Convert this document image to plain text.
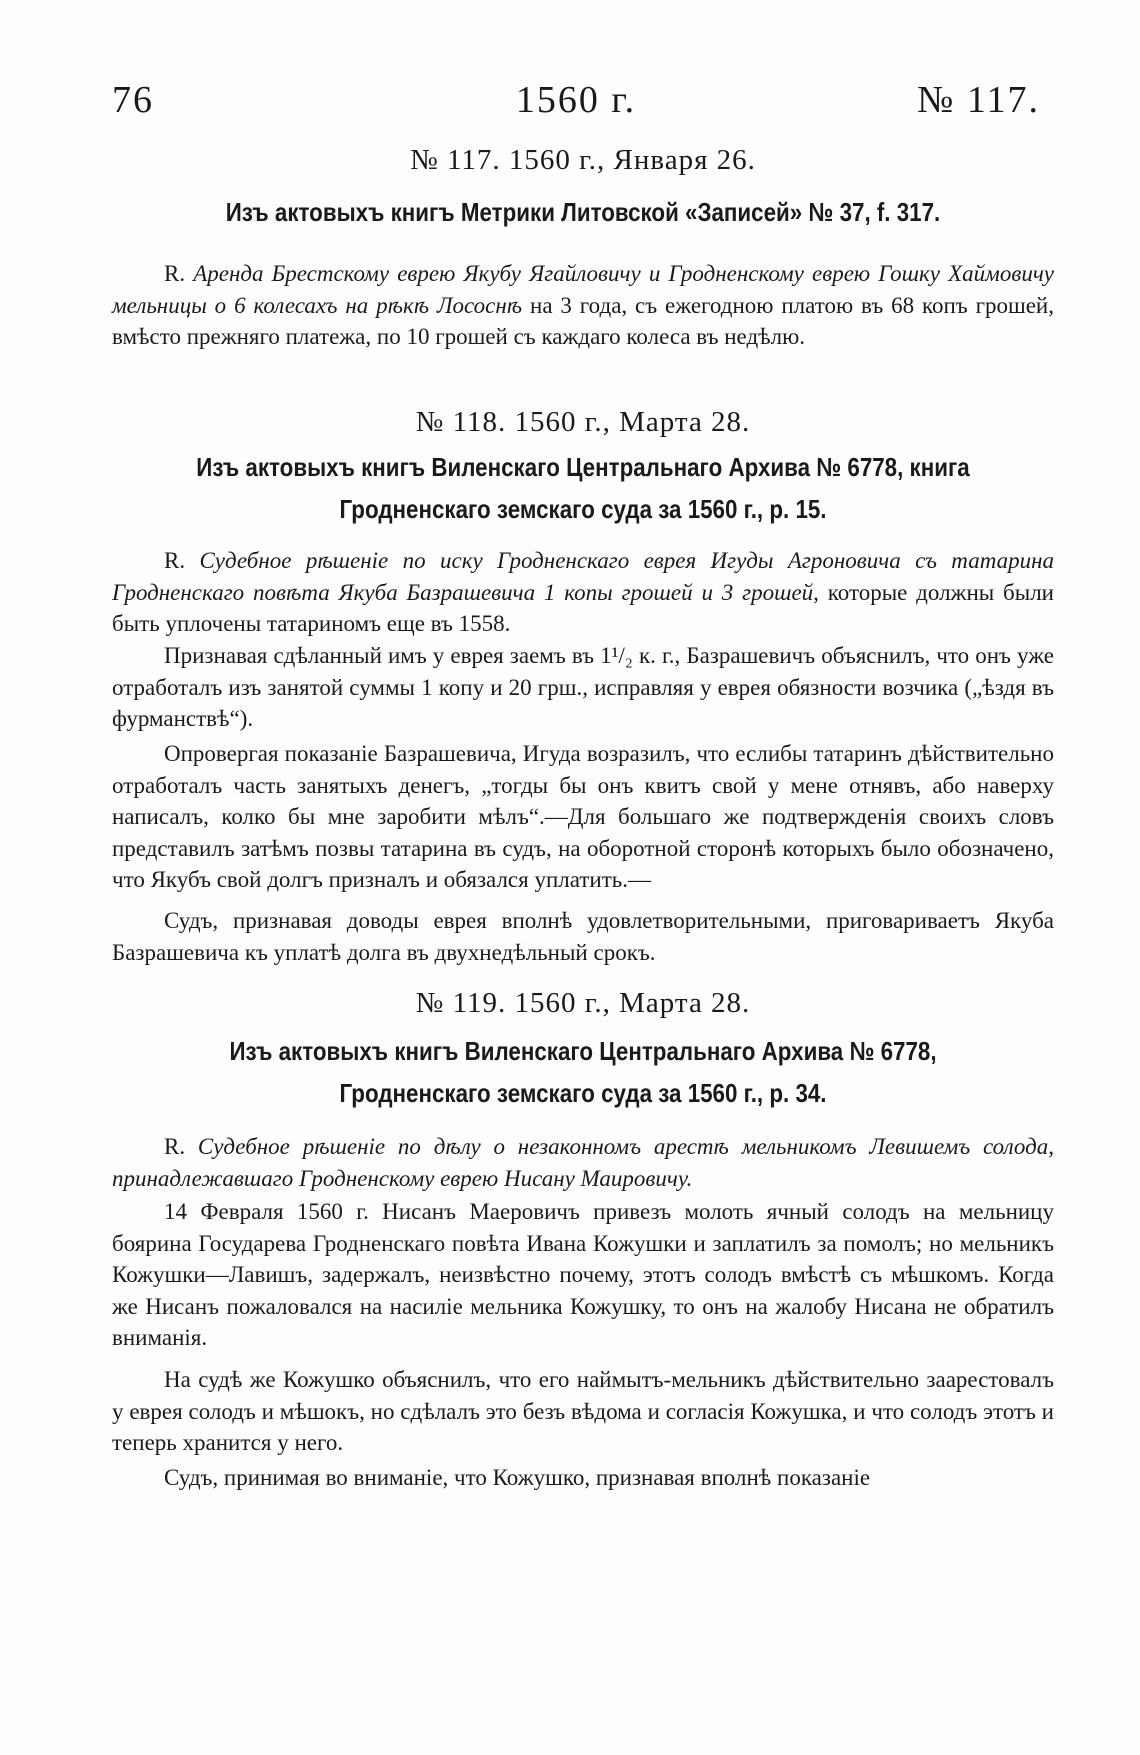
76	1560 г.	№ 117.
№ 117. 1560 г., Января 26.
Изъ актовыхъ книгъ Метрики Литовской «Записей» № 37, f. 317.

R. Аренда Брестскому еврею Якубу Ягайловичу и Гродненскому еврею Гошку Хаймовичу мельницы о 6 колесахъ на рѣкѣ Лососнѣ на 3 года, съ ежегодною платою въ 68 копъ грошей, вмѣсто прежняго платежа, по 10 грошей съ каждаго колеса въ недѣлю.

№ 118. 1560 г., Марта 28.
Изъ актовыхъ книгъ Виленскаго Центральнаго Архива № 6778, книга Гродненскаго земскаго суда за 1560 г., р. 15.

R. Судебное рѣшеніе по иску Гродненскаго еврея Игуды Агроновича съ татарина Гродненскаго повѣта Якуба Базрашевича 1 копы грошей и 3 грошей, которые должны были быть уплочены татариномъ еще въ 1558.

Признавая сдѣланный имъ у еврея заемъ въ 1¹/₂ к. г., Базрашевичъ объяснилъ, что онъ уже отработалъ изъ занятой суммы 1 копу и 20 грш., исправляя у еврея обязности возчика („ѣздя въ фурманствѣ“).

Опровергая показаніе Базрашевича, Игуда возразилъ, что еслибы татаринъ дѣйствительно отработалъ часть занятыхъ денегъ, „тогды бы онъ квитъ свой у мене отнявъ, або наверху написалъ, колко бы мне заробити мѣлъ“.—Для большаго же подтвержденія своихъ словъ представилъ затѣмъ позвы татарина въ судъ, на оборотной сторонѣ которыхъ было обозначено, что Якубъ свой долгъ призналъ и обязался уплатить.—

Судъ, признавая доводы еврея вполнѣ удовлетворительными, приговариваетъ Якуба Базрашевича къ уплатѣ долга въ двухнедѣльный срокъ.

№ 119. 1560 г., Марта 28.
Изъ актовыхъ книгъ Виленскаго Центральнаго Архива № 6778, Гродненскаго земскаго суда за 1560 г., р. 34.

R. Судебное рѣшеніе по дѣлу о незаконномъ арестѣ мельникомъ Левишемъ солода, принадлежавшаго Гродненскому еврею Нисану Маировичу.

14 Февраля 1560 г. Нисанъ Маеровичъ привезъ молоть ячный солодъ на мельницу боярина Государева Гродненскаго повѣта Ивана Кожушки и заплатилъ за помолъ; но мельникъ Кожушки—Лавишъ, задержалъ, неизвѣстно почему, этотъ солодъ вмѣстѣ съ мѣшкомъ. Когда же Нисанъ пожаловался на насиліе мельника Кожушку, то онъ на жалобу Нисана не обратилъ вниманія.

На судѣ же Кожушко объяснилъ, что его наймытъ-мельникъ дѣйствительно заарестовалъ у еврея солодъ и мѣшокъ, но сдѣлалъ это безъ вѣдома и согласія Кожушка, и что солодъ этотъ и теперь хранится у него.

Судъ, принимая во вниманіе, что Кожушко, признавая вполнѣ показаніе
